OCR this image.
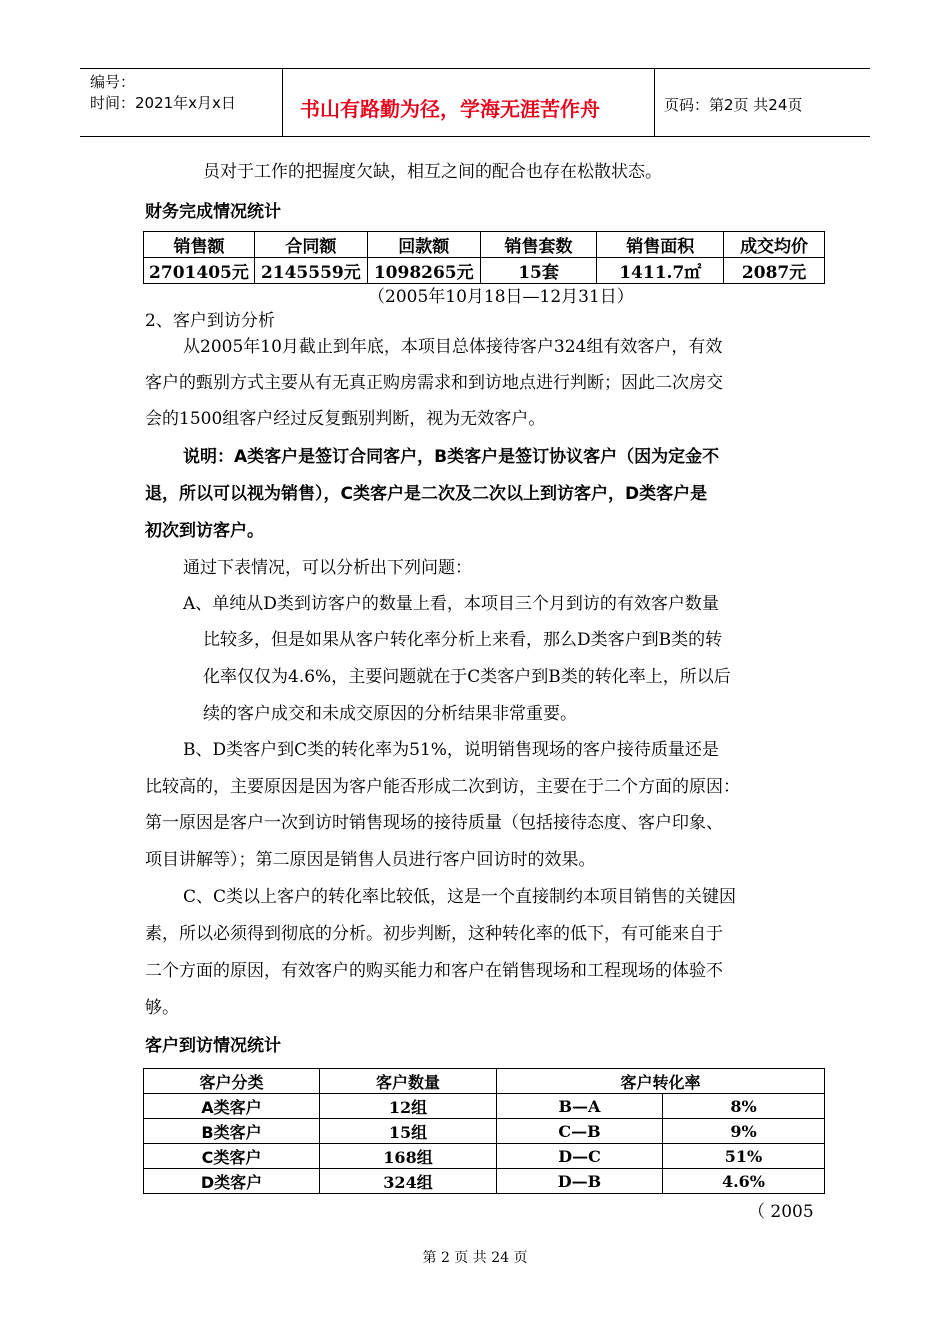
编号：
时间：2021年x月x日	书山有路勤为径，学海无涯苦作舟	页码：第2页 共24页
员对于工作的把握度欠缺，相互之间的配合也存在松散状态。
财务完成情况统计
销售额	合同额	回款额	销售套数	销售面积	成交均价
2701405元	2145559元	1098265元	15套	1411.7㎡	2087元
（2005年10月18日—12月31日）
2、客户到访分析
从2005年10月截止到年底，本项目总体接待客户324组有效客户，有效
客户的甄别方式主要从有无真正购房需求和到访地点进行判断；因此二次房交
会的1500组客户经过反复甄别判断，视为无效客户。
说明：A类客户是签订合同客户，B类客户是签订协议客户（因为定金不
退，所以可以视为销售），C类客户是二次及二次以上到访客户，D类客户是
初次到访客户。
通过下表情况，可以分析出下列问题：
A、单纯从D类到访客户的数量上看，本项目三个月到访的有效客户数量
比较多，但是如果从客户转化率分析上来看，那么D类客户到B类的转
化率仅仅为4.6%，主要问题就在于C类客户到B类的转化率上，所以后
续的客户成交和未成交原因的分析结果非常重要。
B、D类客户到C类的转化率为51%，说明销售现场的客户接待质量还是
比较高的，主要原因是因为客户能否形成二次到访，主要在于二个方面的原因：
第一原因是客户一次到访时销售现场的接待质量（包括接待态度、客户印象、
项目讲解等）；第二原因是销售人员进行客户回访时的效果。
C、C类以上客户的转化率比较低，这是一个直接制约本项目销售的关键因
素，所以必须得到彻底的分析。初步判断，这种转化率的低下，有可能来自于
二个方面的原因，有效客户的购买能力和客户在销售现场和工程现场的体验不
够。
客户到访情况统计
客户分类	客户数量	客户转化率	
A类客户	12组	B—A	8%
B类客户	15组	C—B	9%
C类客户	168组	D—C	51%
D类客户	324组	D—B	4.6%
（ 2005
第 2 页 共 24 页
